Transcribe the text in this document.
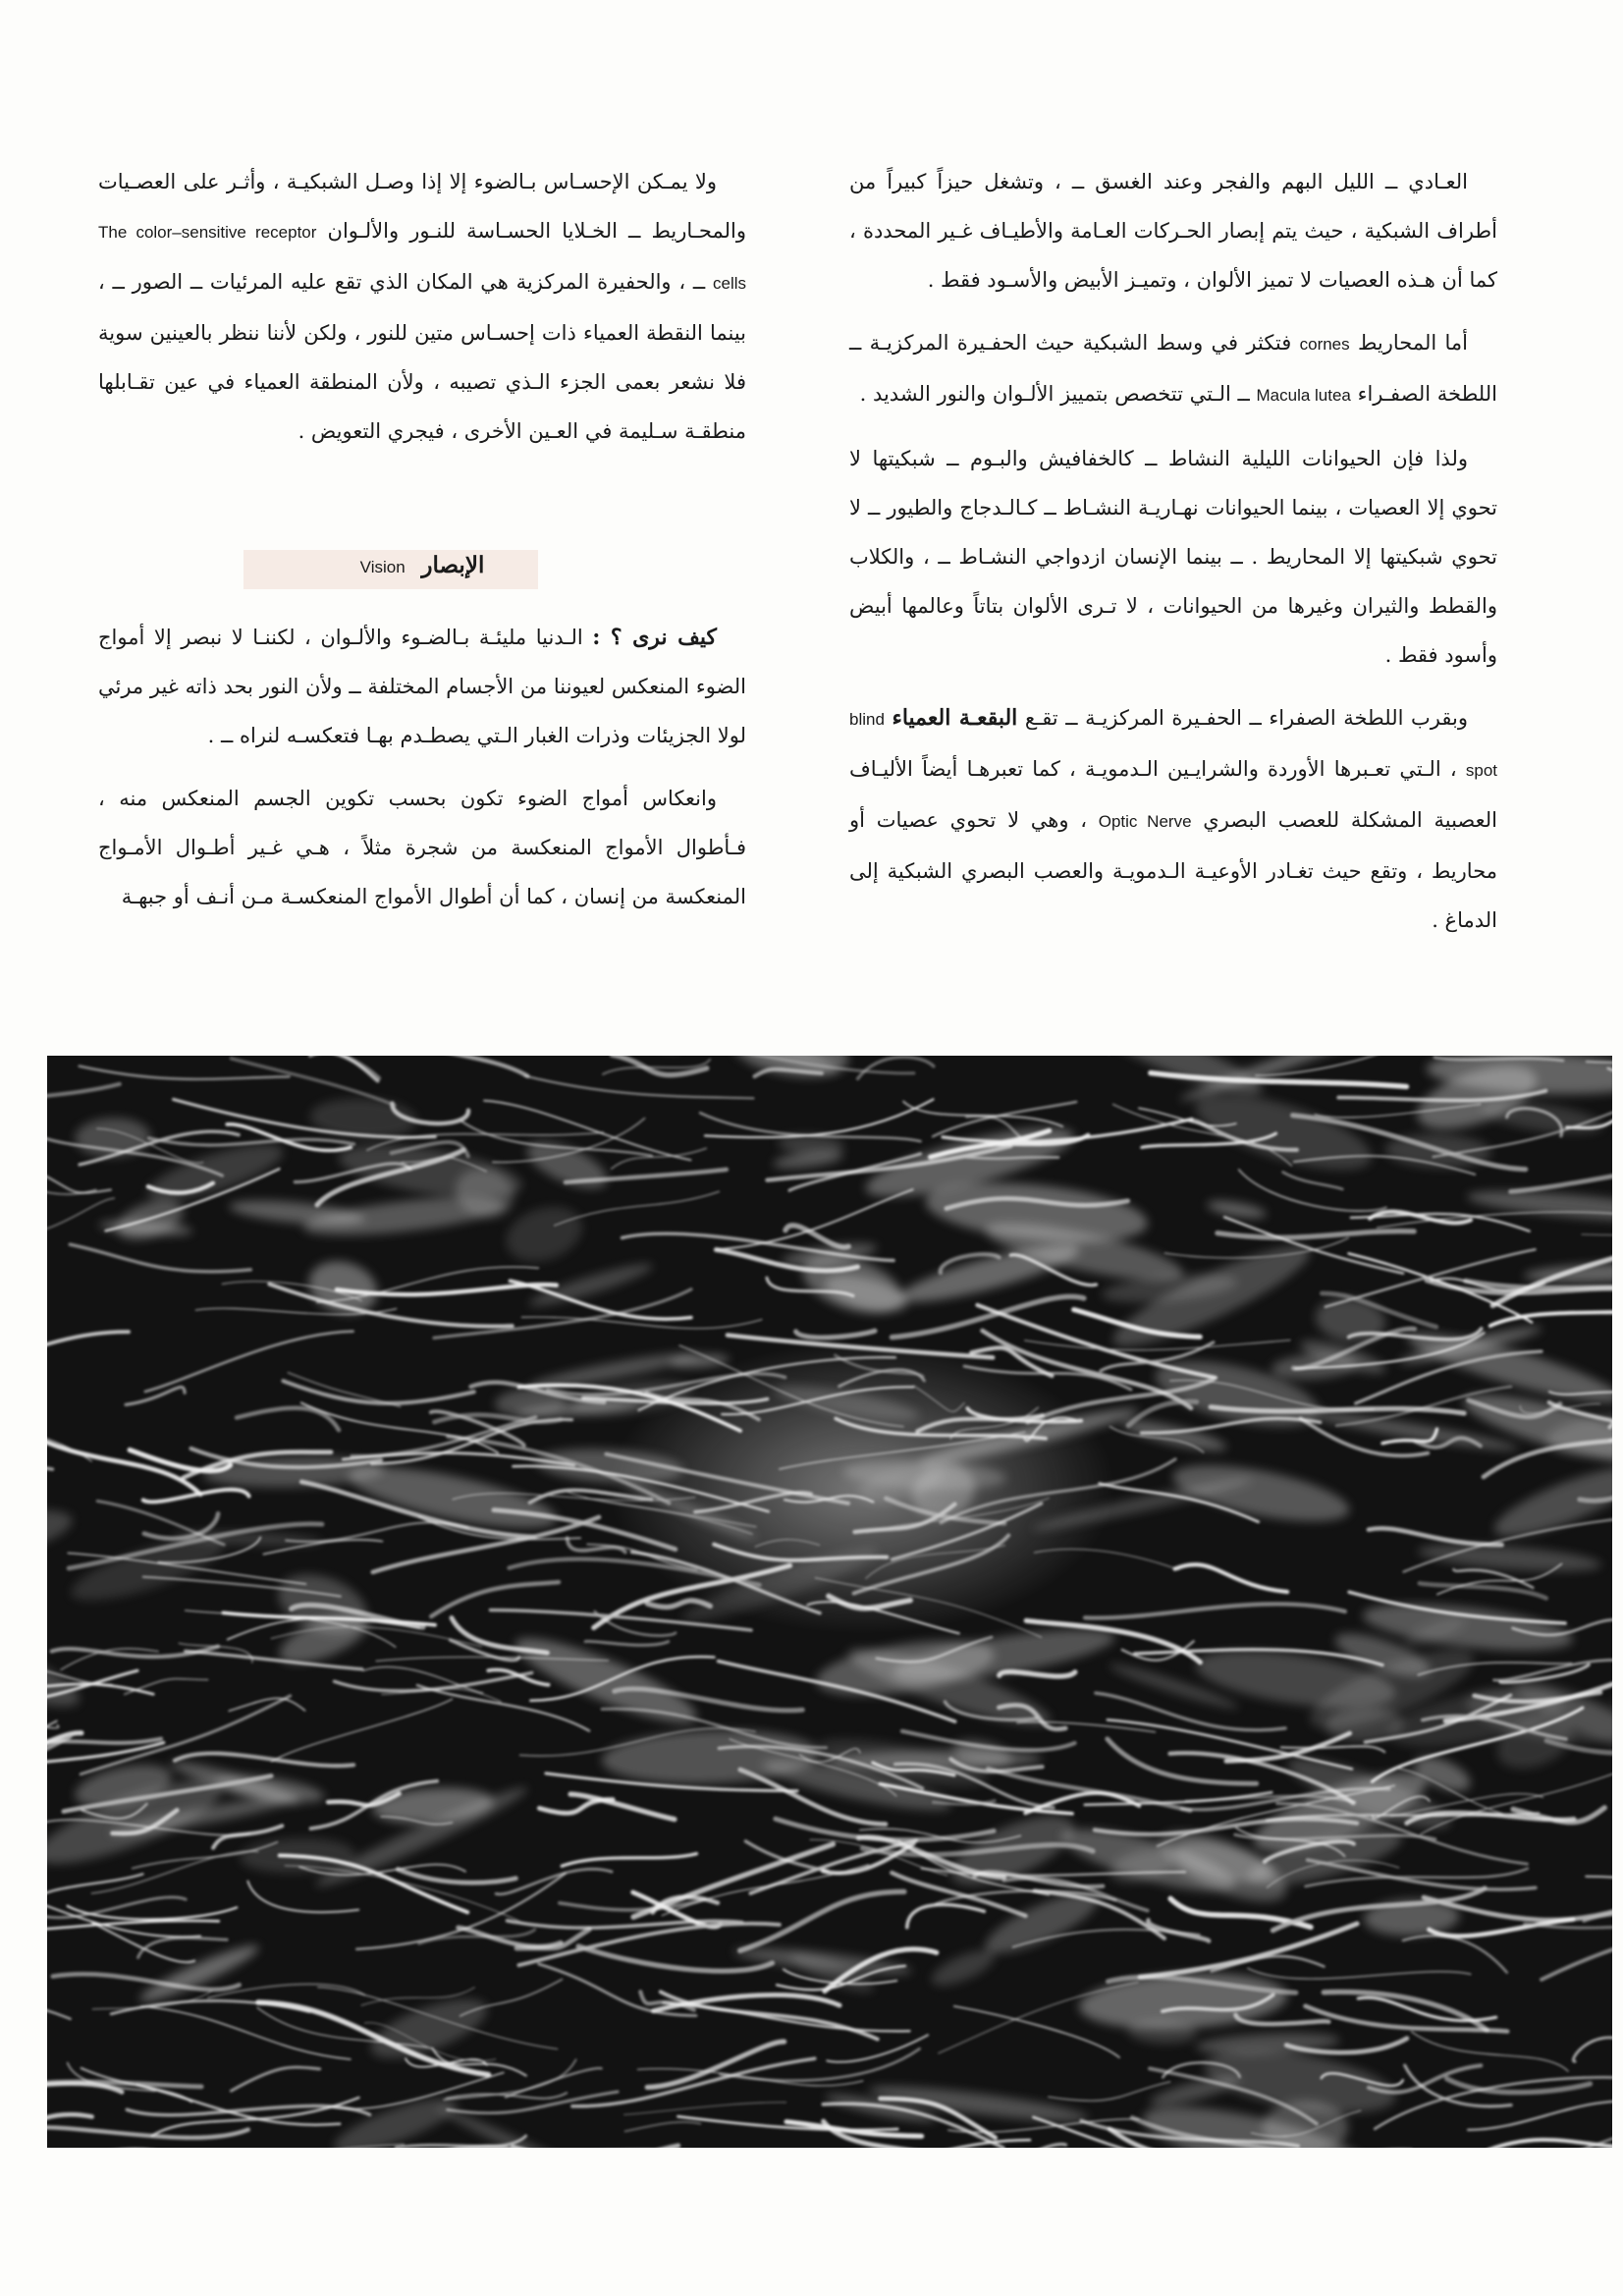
العـادي ــ الليل البهم والفجر وعند الغسق ــ ، وتشغل حيزاً كبيراً من أطراف الشبكية ، حيث يتم إبصار الحـركات العـامة والأطيـاف غـير المحددة ، كما أن هـذه العصيات لا تميز الألوان ، وتميـز الأبيض والأسـود فقط .

أما المحاريط cornes فتكثر في وسط الشبكية حيث الحفـيرة المركزيـة ــ اللطخة الصفـراء Macula lutea ــ الـتي تتخصص بتمييز الألـوان والنور الشديد .

ولذا فإن الحيوانات الليلية النشاط ــ كالخفافيش والبـوم ــ شبكيتها لا تحوي إلا العصيات ، بينما الحيوانات نهـاريـة النشـاط ــ كـالـدجاج والطيور ــ لا تحوي شبكيتها إلا المحاريط . ــ بينما الإنسان ازدواجي النشـاط ــ ، والكلاب والقطط والثيران وغيرها من الحيوانات ، لا تـرى الألوان بتاتاً وعالمها أبيض وأسود فقط .

وبقرب اللطخة الصفراء ــ الحفـيرة المركزيـة ــ تقـع البقعـة العمياء blind spot ، الـتي تعـبرها الأوردة والشرايـين الـدمويـة ، كما تعبرهـا أيضاً الأليـاف العصبية المشكلة للعصب البصري Optic Nerve ، وهي لا تحوي عصيات أو محاريط ، وتقع حيث تغـادر الأوعيـة الـدمويـة والعصب البصري الشبكية إلى الدماغ .

ولا يمـكن الإحسـاس بـالضوء إلا إذا وصـل الشبكيـة ، وأثـر على العصـيات والمحـاريط ــ الخـلايا الحسـاسة للنـور والألـوان The color–sensitive receptor cells ــ ، والحفيرة المركزية هي المكان الذي تقع عليه المرئيات ــ الصور ــ ، بينما النقطة العمياء ذات إحسـاس متين للنور ، ولكن لأننا ننظر بالعينين سوية فلا نشعر بعمى الجزء الـذي تصيبه ، ولأن المنطقة العمياء في عين تقـابلها منطقـة سـليمة في العـين الأخرى ، فيجري التعويض .

الإبصار Vision

كيف نرى ؟ : الـدنيا مليئـة بـالضـوء والألـوان ، لكننـا لا نبصر إلا أمواج الضوء المنعكس لعيوننا من الأجسام المختلفة ــ ولأن النور بحد ذاته غير مرئي لولا الجزيئات وذرات الغبار الـتي يصطـدم بهـا فتعكسـه لنراه ــ .

وانعكاس أمواج الضوء تكون بحسب تكوين الجسم المنعكس منه ، فـأطوال الأمواج المنعكسة من شجرة مثلاً ، هـي غـير أطـوال الأمـواج المنعكسة من إنسان ، كما أن أطوال الأمواج المنعكسـة مـن أنـف أو جبهـة
